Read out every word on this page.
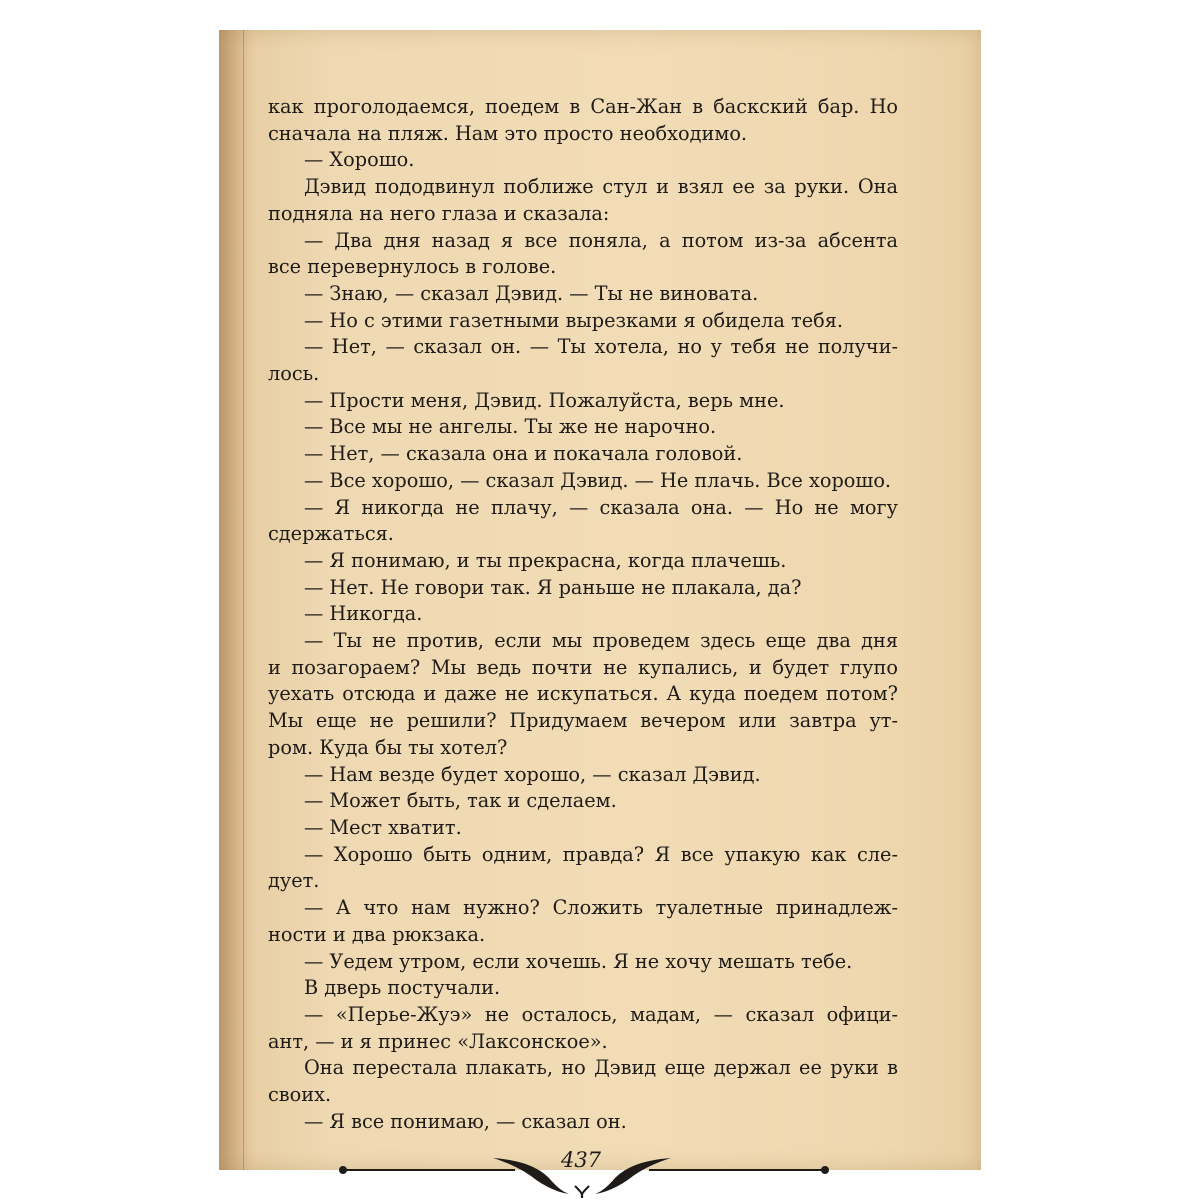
как проголодаемся, поедем в Сан-Жан в баскский бар. Но
сначала на пляж. Нам это просто необходимо.
— Хорошо.
Дэвид пододвинул поближе стул и взял ее за руки. Она
подняла на него глаза и сказала:
— Два дня назад я все поняла, а потом из-за абсента
все перевернулось в голове.
— Знаю, — сказал Дэвид. — Ты не виновата.
— Но с этими газетными вырезками я обидела тебя.
— Нет, — сказал он. — Ты хотела, но у тебя не получи-
лось.
— Прости меня, Дэвид. Пожалуйста, верь мне.
— Все мы не ангелы. Ты же не нарочно.
— Нет, — сказала она и покачала головой.
— Все хорошо, — сказал Дэвид. — Не плачь. Все хорошо.
— Я никогда не плачу, — сказала она. — Но не могу
сдержаться.
— Я понимаю, и ты прекрасна, когда плачешь.
— Нет. Не говори так. Я раньше не плакала, да?
— Никогда.
— Ты не против, если мы проведем здесь еще два дня
и позагораем? Мы ведь почти не купались, и будет глупо
уехать отсюда и даже не искупаться. А куда поедем потом?
Мы еще не решили? Придумаем вечером или завтра ут-
ром. Куда бы ты хотел?
— Нам везде будет хорошо, — сказал Дэвид.
— Может быть, так и сделаем.
— Мест хватит.
— Хорошо быть одним, правда? Я все упакую как сле-
дует.
— А что нам нужно? Сложить туалетные принадлеж-
ности и два рюкзака.
— Уедем утром, если хочешь. Я не хочу мешать тебе.
В дверь постучали.
— «Перье-Жуэ» не осталось, мадам, — сказал офици-
ант, — и я принес «Лаксонское».
Она перестала плакать, но Дэвид еще держал ее руки в
своих.
— Я все понимаю, — сказал он.
437
